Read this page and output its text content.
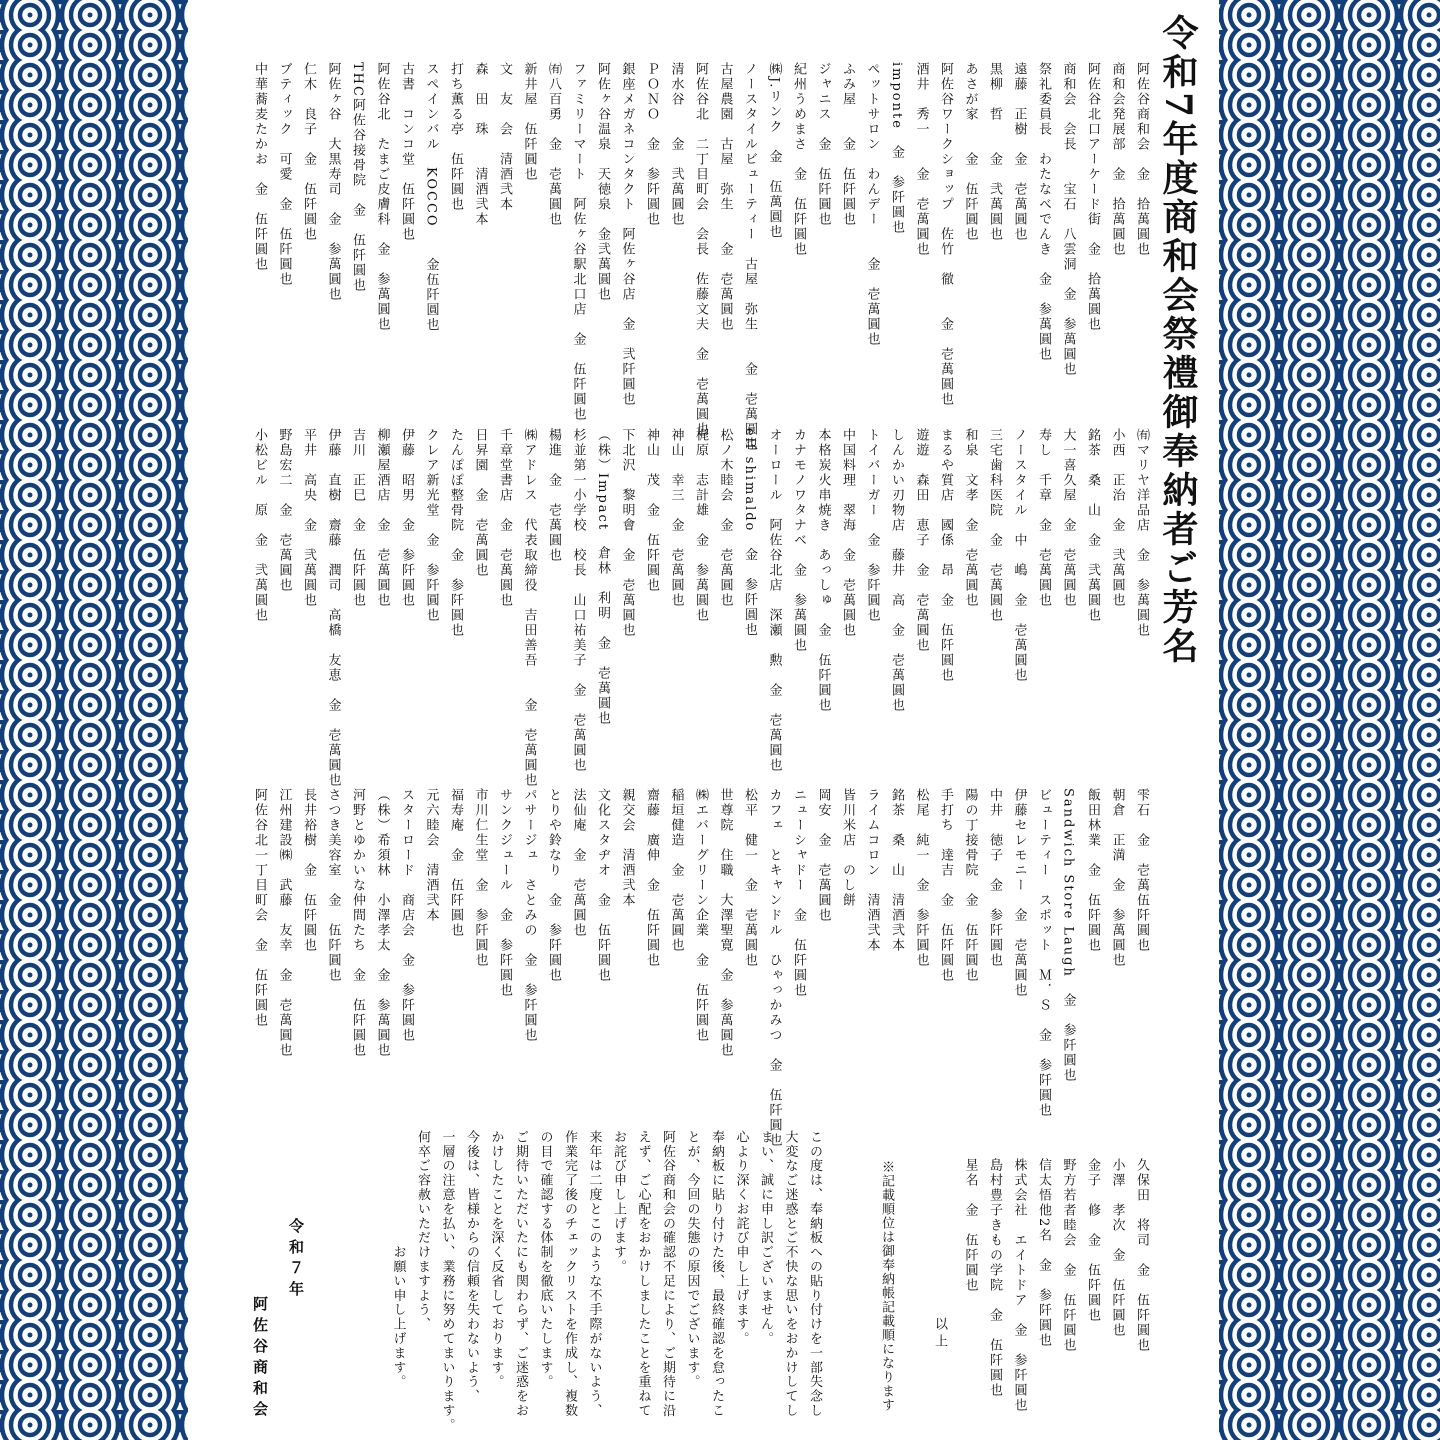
令和7年度商和会祭禮御奉納者ご芳名
阿佐谷商和会　金　拾萬圓也
商和会発展部　金　拾萬圓也
阿佐谷北口アーケード街　金　拾萬圓也
商和会　会長　　宝石　八雲洞　金　参萬圓也
祭礼委員長　わたなべでんき　金　参萬圓也
遠藤　正樹　金　壱萬圓也
黒柳　哲　　金　弐萬圓也
あさが家　　金　伍阡圓也
阿佐谷ワークショップ　佐竹　徹　　金　壱萬圓也
酒井　秀一　　金　壱萬圓也
imponte　金　参阡圓也
ペットサロン　わんデー　　金　壱萬圓也
ふみ屋　　金　伍阡圓也
ジャニス　金　伍阡圓也
紀州うめまさ　金　伍阡圓也
㈱J.リンク　金　伍萬圓也
ノースタイルビューティー　古屋　弥生　　金　壱萬圓也
古屋農園　古屋　弥生　　金　壱萬圓也
阿佐谷北　二丁目町会　会長　佐藤文夫　金　壱萬圓也
清水谷　　金　弐萬圓也
ＰＯＮＯ　金　参阡圓也
銀座メガネコンタクト　阿佐ヶ谷店　金　弐阡圓也
阿佐ヶ谷温泉　天徳泉　金弐萬圓也
ファミリーマート　阿佐ヶ谷駅北口店　金　伍阡圓也
㈲八百勇　金　壱萬圓也
新井屋　伍阡圓也
文　友　会　清酒弐本
森　田　珠　　清酒弐本
打ち薫る亭　伍阡圓也
スペインバル　KOCCO　　金伍阡圓也
古書　コンコ堂　伍阡圓也
阿佐谷北　たまご皮膚科　金　参萬圓也
THC阿佐谷接骨院　金　伍阡圓也
阿佐ヶ谷　大黒寿司　金　参萬圓也
仁木　良子　金　伍阡圓也
ブティック　可愛　金　伍阡圓也
中華蕎麦たかお　金　伍阡圓也
㈲マリヤ洋品店　金　参萬圓也
小西　正治　金　弐萬圓也
銘茶　桑　山　金　弐萬圓也
大一喜久屋　金　壱萬圓也
寿し　千章　金　壱萬圓也
ノースタイル　中　嶋　金　壱萬圓也
三宅歯科医院　金　壱萬圓也
和泉　文孝　金　壱萬圓也
まるや質店　國係　昂　金　伍阡圓也
遊遊　森田　恵子　金　壱萬圓也
しんかい刃物店　藤井　高　金　壱萬圓也
トイバーガー　金　参阡圓也
中国料理　翠海　金　壱萬圓也
本格炭火串焼き　あっしゅ　金　伍阡圓也
カナモノワタナベ　金　参萬圓也
オーロール　阿佐谷北店　深瀬　勲　金　壱萬圓也
elf shimaldo　金　参阡圓也
松ノ木睦会　金　壱萬圓也
梶原　志計雄　金　参萬圓也
神山　幸三　金　壱萬圓也
神山　茂　金　伍阡圓也
下北沢　黎明會　金　壱萬圓也
（株）Impact　倉林　利明　金　壱萬圓也
杉並第一小学校　校長　山口祐美子　金　壱萬圓也
楊進　金　壱萬圓也
㈱アドレス　代表取締役　吉田善吾　　金　壱萬圓也
千章堂書店　金　壱萬圓也
日昇園　金　壱萬圓也
たんぽぽ整骨院　金　参阡圓也
クレア新光堂　金　参阡圓也
伊藤　昭男　金　参阡圓也
柳瀬屋酒店　金　壱萬圓也
吉川　正巳　金　伍阡圓也
伊藤　直樹　齋藤　潤司　高橋　友恵　金　壱萬圓也
平井　高央　金　弐萬圓也
野島宏二　金　壱萬圓也
小松ビル　原　金　弐萬圓也
雫石　金　壱萬伍阡圓也
朝倉　正満　金　参萬圓也
飯田林業　金　伍阡圓也
Sandwich Store Laugh　金　参阡圓也
ビューティー　スポット　Ｍ．Ｓ　金　参阡圓也
伊藤セレモニー　金　壱萬圓也
中井　徳子　金　参阡圓也
陽の丁接骨院　金　伍阡圓也
手打ち　達吉　金　伍阡圓也
松尾　純一　金　参阡圓也
銘茶　桑　山　清酒弐本
ライムコロン　清酒弐本
皆川米店　のし餅
岡安　金　壱萬圓也
ニューシャドー　金　伍阡圓也
カフェ　とキャンドル　ひゃっかみつ　金　伍阡圓也
松平　健一　金　壱萬圓也
世尊院　住職　大澤聖寛　金　参萬圓也
㈱エバーグリーン企業　金　伍阡圓也
稲垣健造　金　壱萬圓也
齋藤　廣伸　金　伍阡圓也
親交会　清酒弐本
文化スタヂオ　金　伍阡圓也
法仙庵　金　壱萬圓也
とりや鈴なり　金　参阡圓也
パサージュ　さとみの　金　参阡圓也
サンクジュール　金　参阡圓也
市川仁生堂　金　参阡圓也
福寿庵　金　伍阡圓也
元六睦会　清酒弐本
スターロード　商店会　金　参阡圓也
（株）希須林　小澤孝太　金　参萬圓也
河野とゆかいな仲間たち　金　伍阡圓也
さつき美容室　金　伍阡圓也
長井裕樹　金　伍阡圓也
江州建設㈱　武藤　友幸　金　壱萬圓也
阿佐谷北一丁目町会　金　伍阡圓也
久保田　将司　金　伍阡圓也
小澤　孝次　金　伍阡圓也
金子　修　金　伍阡圓也
野方若者睦会　金　伍阡圓也
信太悟他2名　金　参阡圓也
株式会社　エイトドア　金　参阡圓也
島村豊子きもの学院　金　伍阡圓也
星名　金　伍阡圓也
以上
※記載順位は御奉納帳記載順になります
令和７年
阿佐谷商和会	この度は、奉納板への貼り付けを一部失念し
大変なご迷惑とご不快な思いをおかけしてし
まい、誠に申し訳ございません。
心より深くお詫び申し上げます。
奉納板に貼り付けた後、最終確認を怠ったこ
とが、今回の失態の原因でございます。
阿佐谷商和会の確認不足により、ご期待に沿
えず、ご心配をおかけしましたことを重ねて
お詫び申し上げます。
来年は二度とこのような不手際がないよう、
作業完了後のチェックリストを作成し、複数
の目で確認する体制を徹底いたします。
ご期待いただいたにも関わらず、ご迷惑をお
かけしたことを深く反省しております。
今後は、皆様からの信頼を失わないよう、
一層の注意を払い、業務に努めてまいります。
何卒ご容赦いただけますよう、
　　　　　　　　お願い申し上げます。
